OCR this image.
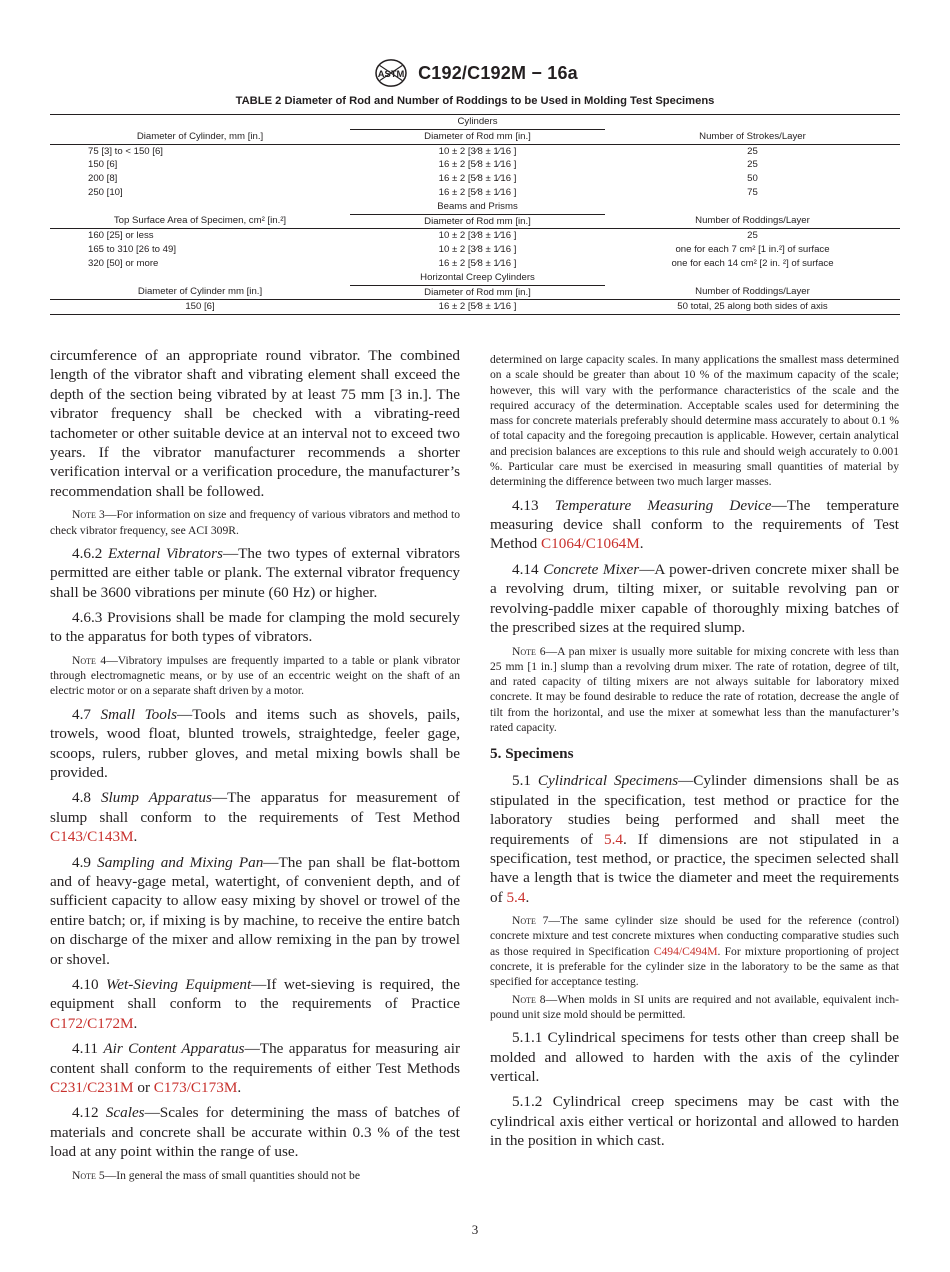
ASTM C192/C192M − 16a
TABLE 2 Diameter of Rod and Number of Roddings to be Used in Molding Test Specimens
	Cylinders	
Diameter of Cylinder, mm [in.]	Diameter of Rod mm [in.]	Number of Strokes/Layer
75 [3] to < 150 [6]	10 ± 2 [3⁄8 ± 1⁄16 ]	25
150 [6]	16 ± 2 [5⁄8 ± 1⁄16 ]	25
200 [8]	16 ± 2 [5⁄8 ± 1⁄16 ]	50
250 [10]	16 ± 2 [5⁄8 ± 1⁄16 ]	75
	Beams and Prisms	
Top Surface Area of Specimen, cm² [in.²]	Diameter of Rod mm [in.]	Number of Roddings/Layer
160 [25] or less	10 ± 2 [3⁄8 ± 1⁄16 ]	25
165 to 310 [26 to 49]	10 ± 2 [3⁄8 ± 1⁄16 ]	one for each 7 cm² [1 in.²] of surface
320 [50] or more	16 ± 2 [5⁄8 ± 1⁄16 ]	one for each 14 cm² [2 in. ²] of surface
	Horizontal Creep Cylinders	
Diameter of Cylinder mm [in.]	Diameter of Rod mm [in.]	Number of Roddings/Layer
150 [6]	16 ± 2 [5⁄8 ± 1⁄16 ]	50 total, 25 along both sides of axis

circumference of an appropriate round vibrator. The combined length of the vibrator shaft and vibrating element shall exceed the depth of the section being vibrated by at least 75 mm [3 in.]. The vibrator frequency shall be checked with a vibrating-reed tachometer or other suitable device at an interval not to exceed two years. If the vibrator manufacturer recommends a shorter verification interval or a verification procedure, the manufacturer’s recommendation shall be followed.

Note 3—For information on size and frequency of various vibrators and method to check vibrator frequency, see ACI 309R.

4.6.2 External Vibrators—The two types of external vibrators permitted are either table or plank. The external vibrator frequency shall be 3600 vibrations per minute (60 Hz) or higher.

4.6.3 Provisions shall be made for clamping the mold securely to the apparatus for both types of vibrators.

Note 4—Vibratory impulses are frequently imparted to a table or plank vibrator through electromagnetic means, or by use of an eccentric weight on the shaft of an electric motor or on a separate shaft driven by a motor.

4.7 Small Tools—Tools and items such as shovels, pails, trowels, wood float, blunted trowels, straightedge, feeler gage, scoops, rulers, rubber gloves, and metal mixing bowls shall be provided.

4.8 Slump Apparatus—The apparatus for measurement of slump shall conform to the requirements of Test Method C143/C143M.

4.9 Sampling and Mixing Pan—The pan shall be flat-bottom and of heavy-gage metal, watertight, of convenient depth, and of sufficient capacity to allow easy mixing by shovel or trowel of the entire batch; or, if mixing is by machine, to receive the entire batch on discharge of the mixer and allow remixing in the pan by trowel or shovel.

4.10 Wet-Sieving Equipment—If wet-sieving is required, the equipment shall conform to the requirements of Practice C172/C172M.

4.11 Air Content Apparatus—The apparatus for measuring air content shall conform to the requirements of either Test Methods C231/C231M or C173/C173M.

4.12 Scales—Scales for determining the mass of batches of materials and concrete shall be accurate within 0.3 % of the test load at any point within the range of use.

Note 5—In general the mass of small quantities should not be

determined on large capacity scales. In many applications the smallest mass determined on a scale should be greater than about 10 % of the maximum capacity of the scale; however, this will vary with the performance characteristics of the scale and the required accuracy of the determination. Acceptable scales used for determining the mass for concrete materials preferably should determine mass accurately to about 0.1 % of total capacity and the foregoing precaution is applicable. However, certain analytical and precision balances are exceptions to this rule and should weigh accurately to 0.001 %. Particular care must be exercised in measuring small quantities of material by determining the difference between two much larger masses.

4.13 Temperature Measuring Device—The temperature measuring device shall conform to the requirements of Test Method C1064/C1064M.

4.14 Concrete Mixer—A power-driven concrete mixer shall be a revolving drum, tilting mixer, or suitable revolving pan or revolving-paddle mixer capable of thoroughly mixing batches of the prescribed sizes at the required slump.

Note 6—A pan mixer is usually more suitable for mixing concrete with less than 25 mm [1 in.] slump than a revolving drum mixer. The rate of rotation, degree of tilt, and rated capacity of tilting mixers are not always suitable for laboratory mixed concrete. It may be found desirable to reduce the rate of rotation, decrease the angle of tilt from the horizontal, and use the mixer at somewhat less than the manufacturer’s rated capacity.

5. Specimens

5.1 Cylindrical Specimens—Cylinder dimensions shall be as stipulated in the specification, test method or practice for the laboratory studies being performed and shall meet the requirements of 5.4. If dimensions are not stipulated in a specification, test method, or practice, the specimen selected shall have a length that is twice the diameter and meet the requirements of 5.4.

Note 7—The same cylinder size should be used for the reference (control) concrete mixture and test concrete mixtures when conducting comparative studies such as those required in Specification C494/C494M. For mixture proportioning of project concrete, it is preferable for the cylinder size in the laboratory to be the same as that specified for acceptance testing.

Note 8—When molds in SI units are required and not available, equivalent inch-pound unit size mold should be permitted.

5.1.1 Cylindrical specimens for tests other than creep shall be molded and allowed to harden with the axis of the cylinder vertical.

5.1.2 Cylindrical creep specimens may be cast with the cylindrical axis either vertical or horizontal and allowed to harden in the position in which cast.

3
